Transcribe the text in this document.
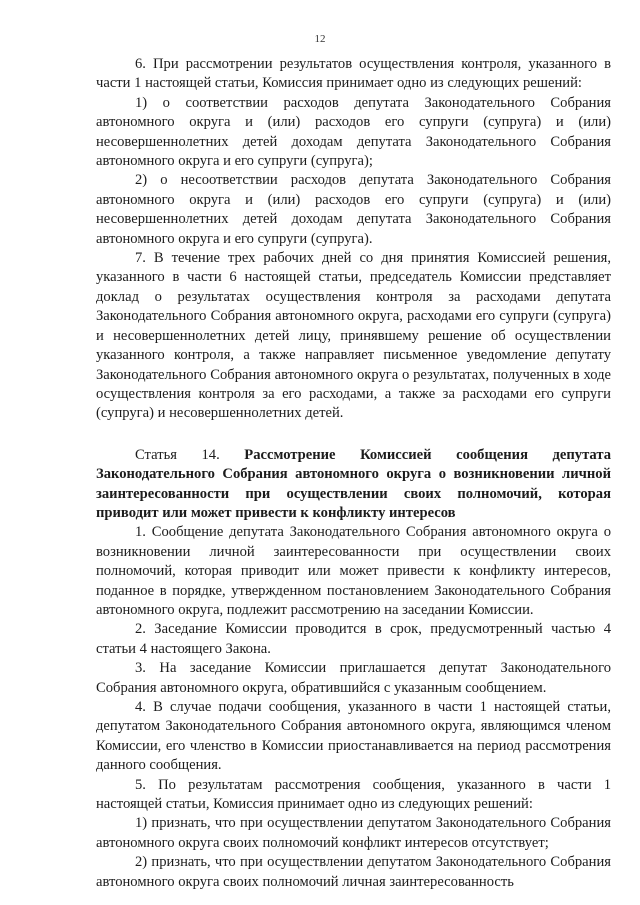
12

6. При рассмотрении результатов осуществления контроля, указанного в части 1 настоящей статьи, Комиссия принимает одно из следующих решений:

1) о соответствии расходов депутата Законодательного Собрания автономного округа и (или) расходов его супруги (супруга) и (или) несовершеннолетних детей доходам депутата Законодательного Собрания автономного округа и его супруги (супруга);

2) о несоответствии расходов депутата Законодательного Собрания автономного округа и (или) расходов его супруги (супруга) и (или) несовершеннолетних детей доходам депутата Законодательного Собрания автономного округа и его супруги (супруга).

7. В течение трех рабочих дней со дня принятия Комиссией решения, указанного в части 6 настоящей статьи, председатель Комиссии представляет доклад о результатах осуществления контроля за расходами депутата Законодательного Собрания автономного округа, расходами его супруги (супруга) и несовершеннолетних детей лицу, принявшему решение об осуществлении указанного контроля, а также направляет письменное уведомление депутату Законодательного Собрания автономного округа о результатах, полученных в ходе осуществления контроля за его расходами, а также за расходами его супруги (супруга) и несовершеннолетних детей.

Статья 14. Рассмотрение Комиссией сообщения депутата Законодательного Собрания автономного округа о возникновении личной заинтересованности при осуществлении своих полномочий, которая приводит или может привести к конфликту интересов

1. Сообщение депутата Законодательного Собрания автономного округа о возникновении личной заинтересованности при осуществлении своих полномочий, которая приводит или может привести к конфликту интересов, поданное в порядке, утвержденном постановлением Законодательного Собрания автономного округа, подлежит рассмотрению на заседании Комиссии.

2. Заседание Комиссии проводится в срок, предусмотренный частью 4 статьи 4 настоящего Закона.

3. На заседание Комиссии приглашается депутат Законодательного Собрания автономного округа, обратившийся с указанным сообщением.

4. В случае подачи сообщения, указанного в части 1 настоящей статьи, депутатом Законодательного Собрания автономного округа, являющимся членом Комиссии, его членство в Комиссии приостанавливается на период рассмотрения данного сообщения.

5. По результатам рассмотрения сообщения, указанного в части 1 настоящей статьи, Комиссия принимает одно из следующих решений:

1) признать, что при осуществлении депутатом Законодательного Собрания автономного округа своих полномочий конфликт интересов отсутствует;

2) признать, что при осуществлении депутатом Законодательного Собрания автономного округа своих полномочий личная заинтересованность
